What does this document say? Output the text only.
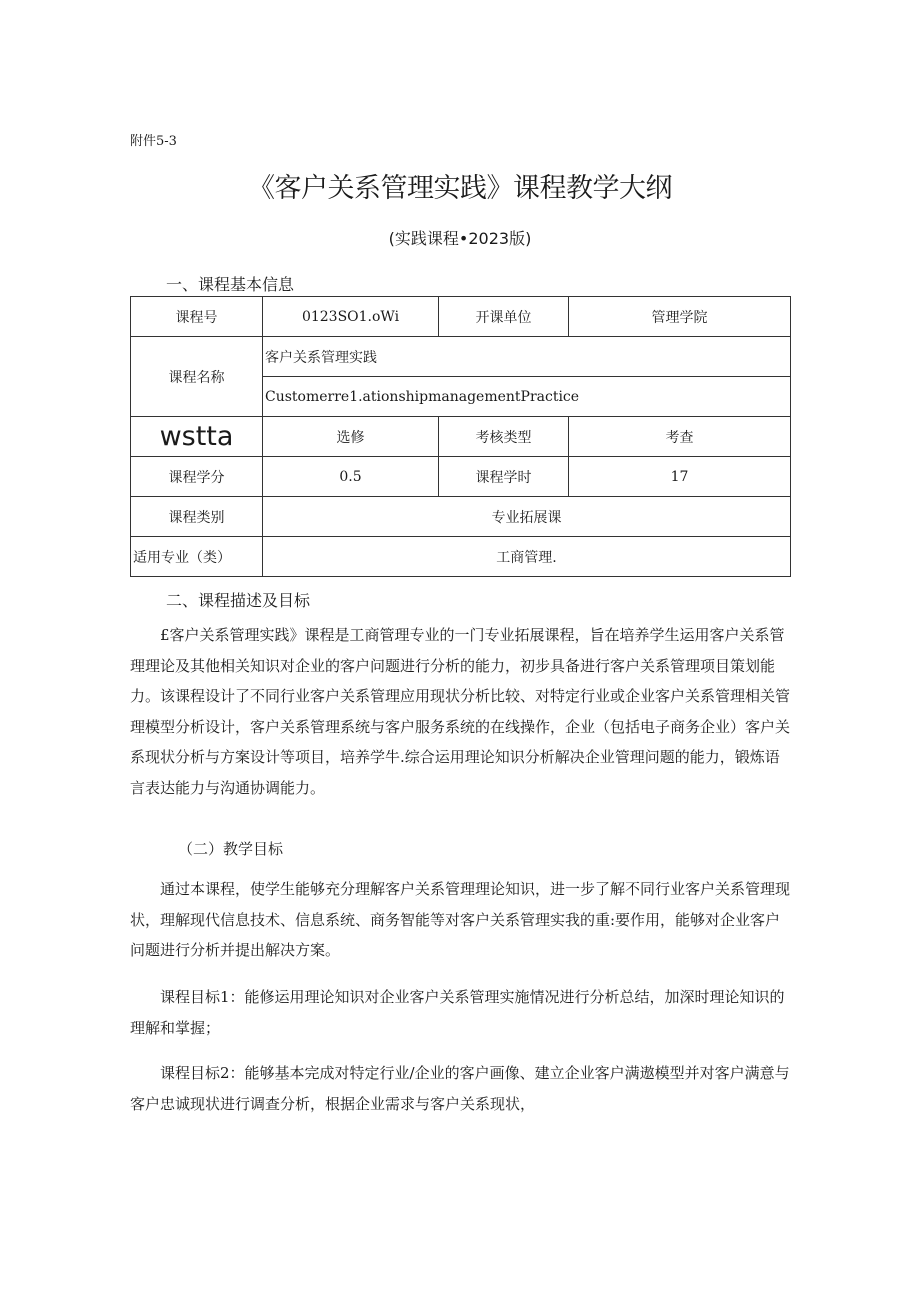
附件5-3
《客户关系管理实践》课程教学大纲
(实践课程•2023版)
一、课程基本信息
课程号	0123SO1.oWi	开课单位	管理学院
课程名称	客户关系管理实践		
	Customerre1.ationshipmanagementPractice		
wstta	选修	考核类型	考查
课程学分	0.5	课程学时	17
课程类别	专业拓展课		
适用专业（类）	工商管理.		
二、课程描述及目标

£客户关系管理实践》课程是工商管理专业的一门专业拓展课程，旨在培养学生运用客户关系管理理论及其他相关知识对企业的客户问题进行分析的能力，初步具备进行客户关系管理项目策划能力。该课程设计了不同行业客户关系管理应用现状分析比较、对特定行业或企业客户关系管理相关管理模型分析设计，客户关系管理系统与客户服务系统的在线操作，企业（包括电子商务企业）客户关系现状分析与方案设计等项目，培养学牛.综合运用理论知识分析解决企业管理问题的能力，锻炼语言表达能力与沟通协调能力。

（二）教学目标

通过本课程，使学生能够充分理解客户关系管理理论知识，进一步了解不同行业客户关系管理现状，理解现代信息技术、信息系统、商务智能等对客户关系管理实我的重:要作用，能够对企业客户问题进行分析并提出解决方案。

课程目标1：能修运用理论知识对企业客户关系管理实施情况进行分析总结，加深时理论知识的理解和掌握；

课程目标2：能够基本完成对特定行业/企业的客户画像、建立企业客户满遨模型并对客户满意与客户忠诚现状进行调查分析，根据企业需求与客户关系现状，
